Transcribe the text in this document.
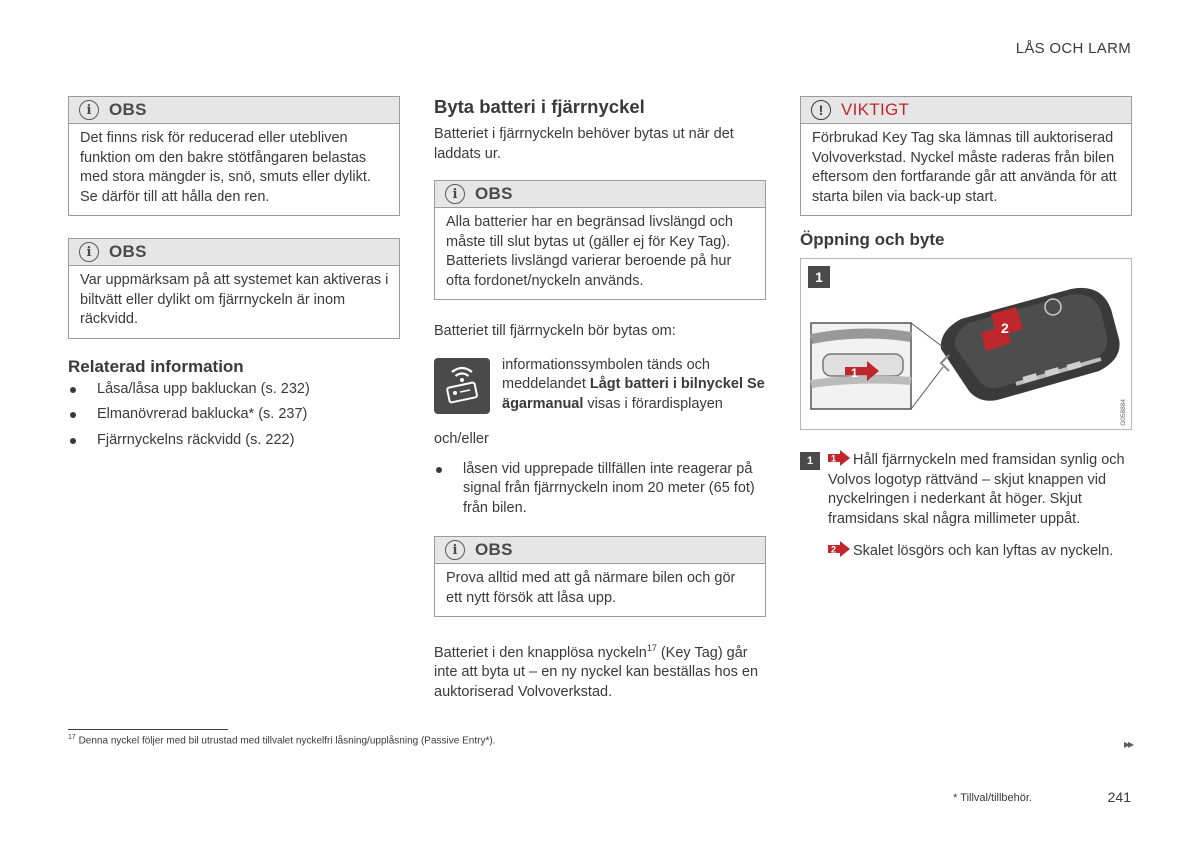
LÅS OCH LARM
i	OBS
Det finns risk för reducerad eller utebliven funktion om den bakre stötfångaren belastas med stora mängder is, snö, smuts eller dylikt. Se därför till att hålla den ren.
i	OBS
Var uppmärksam på att systemet kan aktiveras i biltvätt eller dylikt om fjärrnyckeln är inom räckvidd.
Relaterad information
Låsa/låsa upp bakluckan (s. 232)
Elmanövrerad baklucka* (s. 237)
Fjärrnyckelns räckvidd (s. 222)
Byta batteri i fjärrnyckel
Batteriet i fjärrnyckeln behöver bytas ut när det laddats ur.
i	OBS
Alla batterier har en begränsad livslängd och måste till slut bytas ut (gäller ej för Key Tag). Batteriets livslängd varierar beroende på hur ofta fordonet/nyckeln används.
Batteriet till fjärrnyckeln bör bytas om:
informationssymbolen tänds och meddelandet Lågt batteri i bilnyckel Se ägarmanual visas i förardisplayen
och/eller
låsen vid upprepade tillfällen inte reagerar på signal från fjärrnyckeln inom 20 meter (65 fot) från bilen.
i	OBS
Prova alltid med att gå närmare bilen och gör ett nytt försök att låsa upp.
Batteriet i den knapplösa nyckeln$^{17}$ (Key Tag) går inte att byta ut – en ny nyckel kan beställas hos en auktoriserad Volvoverkstad.
!	VIKTIGT
Förbrukad Key Tag ska lämnas till auktoriserad Volvoverkstad. Nyckel måste raderas från bilen eftersom den fortfarande går att använda för att starta bilen via back-up start.
Öppning och byte
1
2
1
G058884
1	1 Håll fjärrnyckeln med framsidan synlig och Volvos logotyp rättvänd – skjut knappen vid nyckelringen i nederkant åt höger. Skjut framsidans skal några millimeter uppåt.
2 Skalet lösgörs och kan lyftas av nyckeln.
$^{17}$ Denna nyckel följer med bil utrustad med tillvalet nyckelfri låsning/upplåsning (Passive Entry*).	▸▸
* Tillval/tillbehör.	241
